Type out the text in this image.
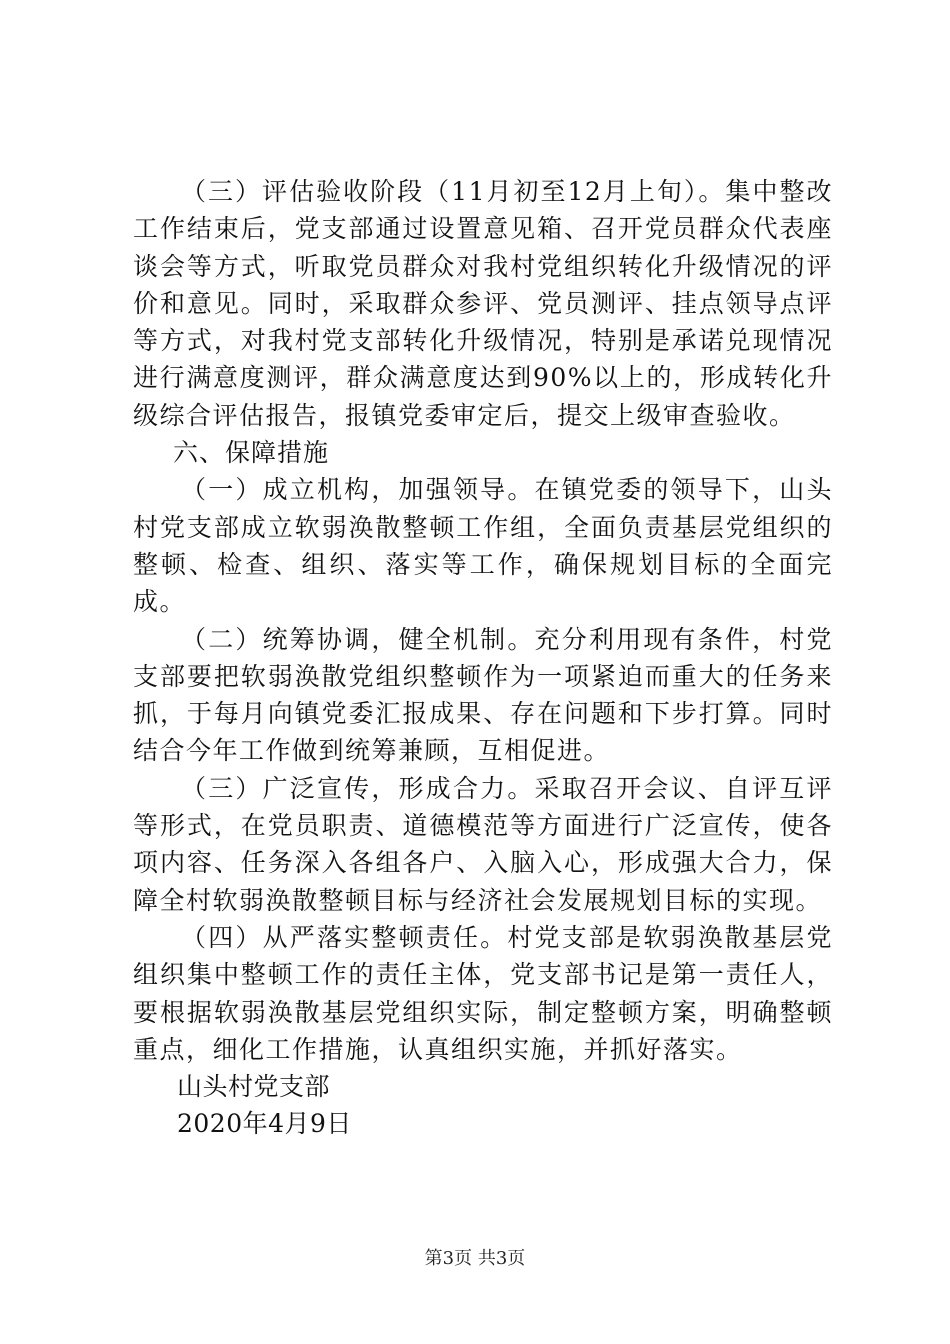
（三）评估验收阶段（11月初至12月上旬）。集中整改工作结束后，党支部通过设置意见箱、召开党员群众代表座谈会等方式，听取党员群众对我村党组织转化升级情况的评价和意见。同时，采取群众参评、党员测评、挂点领导点评等方式，对我村党支部转化升级情况，特别是承诺兑现情况进行满意度测评，群众满意度达到90%以上的，形成转化升级综合评估报告，报镇党委审定后，提交上级审查验收。

六、保障措施

（一）成立机构，加强领导。在镇党委的领导下，山头村党支部成立软弱涣散整顿工作组，全面负责基层党组织的整顿、检查、组织、落实等工作，确保规划目标的全面完成。

（二）统筹协调，健全机制。充分利用现有条件，村党支部要把软弱涣散党组织整顿作为一项紧迫而重大的任务来抓，于每月向镇党委汇报成果、存在问题和下步打算。同时结合今年工作做到统筹兼顾，互相促进。

（三）广泛宣传，形成合力。采取召开会议、自评互评等形式，在党员职责、道德模范等方面进行广泛宣传，使各项内容、任务深入各组各户、入脑入心，形成强大合力，保障全村软弱涣散整顿目标与经济社会发展规划目标的实现。

（四）从严落实整顿责任。村党支部是软弱涣散基层党组织集中整顿工作的责任主体，党支部书记是第一责任人，要根据软弱涣散基层党组织实际，制定整顿方案，明确整顿重点，细化工作措施，认真组织实施，并抓好落实。

山头村党支部

2020年4月9日

第3页 共3页
